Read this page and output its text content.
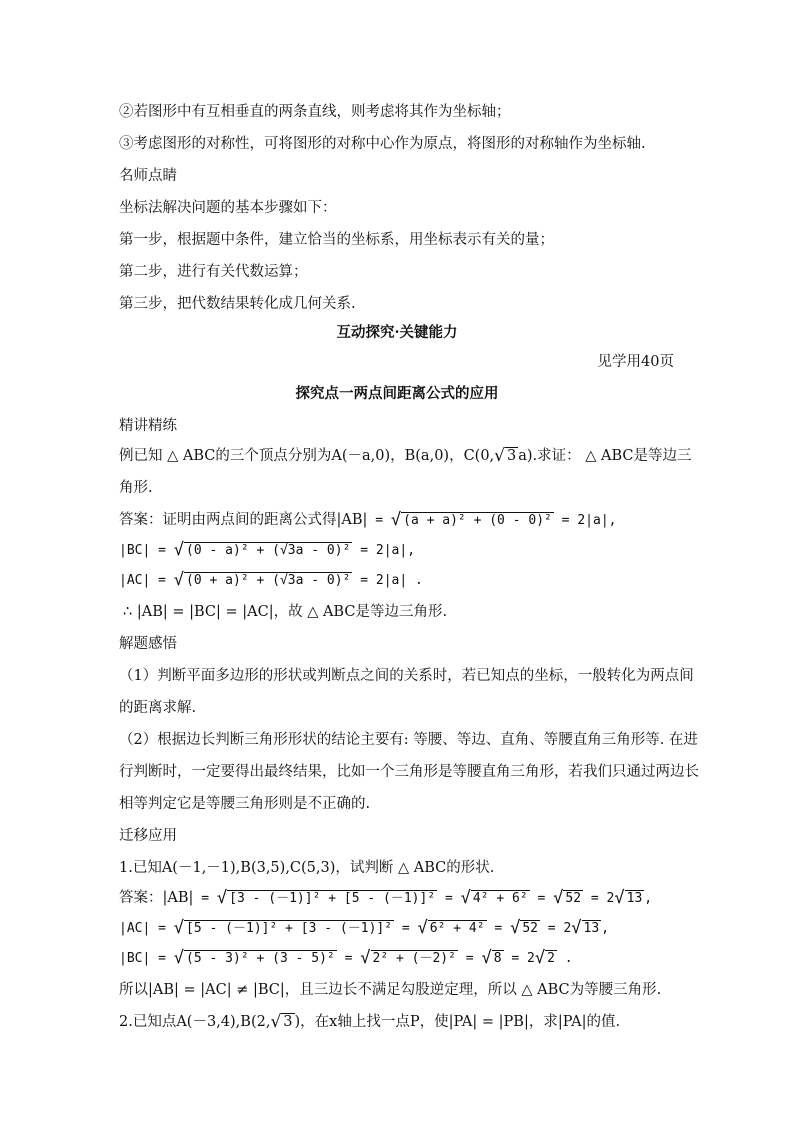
②若图形中有互相垂直的两条直线，则考虑将其作为坐标轴；
③考虑图形的对称性，可将图形的对称中心作为原点，将图形的对称轴作为坐标轴.
名师点睛
坐标法解决问题的基本步骤如下：
第一步，根据题中条件，建立恰当的坐标系，用坐标表示有关的量；
第二步，进行有关代数运算；
第三步，把代数结果转化成几何关系.
互动探究·关键能力
见学用40页
探究点一两点间距离公式的应用
精讲精练
例已知 △ ABC的三个顶点分别为A(－a,0)，B(a,0)，C(0,√ 3 a).求证： △ ABC是等边三
角形.
答案：证明由两点间的距离公式得|AB| = √ (a + a)² + (0 - 0)² = 2|a|,
|BC| = √ (0 - a)² + (√3a - 0)² = 2|a|,
|AC| = √ (0 + a)² + (√3a - 0)² = 2|a| .
∴ |AB| = |BC| = |AC|，故 △ ABC是等边三角形.
解题感悟
（1）判断平面多边形的形状或判断点之间的关系时，若已知点的坐标，一般转化为两点间
的距离求解.
（2）根据边长判断三角形形状的结论主要有: 等腰、等边、直角、等腰直角三角形等. 在进
行判断时，一定要得出最终结果，比如一个三角形是等腰直角三角形，若我们只通过两边长
相等判定它是等腰三角形则是不正确的.
迁移应用
1.已知A(－1,－1),B(3,5),C(5,3)，试判断 △ ABC的形状.
答案：|AB| = √ [3 - (－1)]² + [5 - (－1)]² = √ 4² + 6² = √ 52 = 2√ 13 ,
|AC| = √ [5 - (－1)]² + [3 - (－1)]² = √ 6² + 4² = √ 52 = 2√ 13 ,
|BC| = √ (5 - 3)² + (3 - 5)² = √ 2² + (－2)² = √ 8 = 2√ 2 .
所以|AB| = |AC| ≠ |BC|，且三边长不满足勾股逆定理，所以 △ ABC为等腰三角形.
2.已知点A(－3,4),B(2,√ 3 )，在x轴上找一点P，使|PA| = |PB|，求|PA|的值.
